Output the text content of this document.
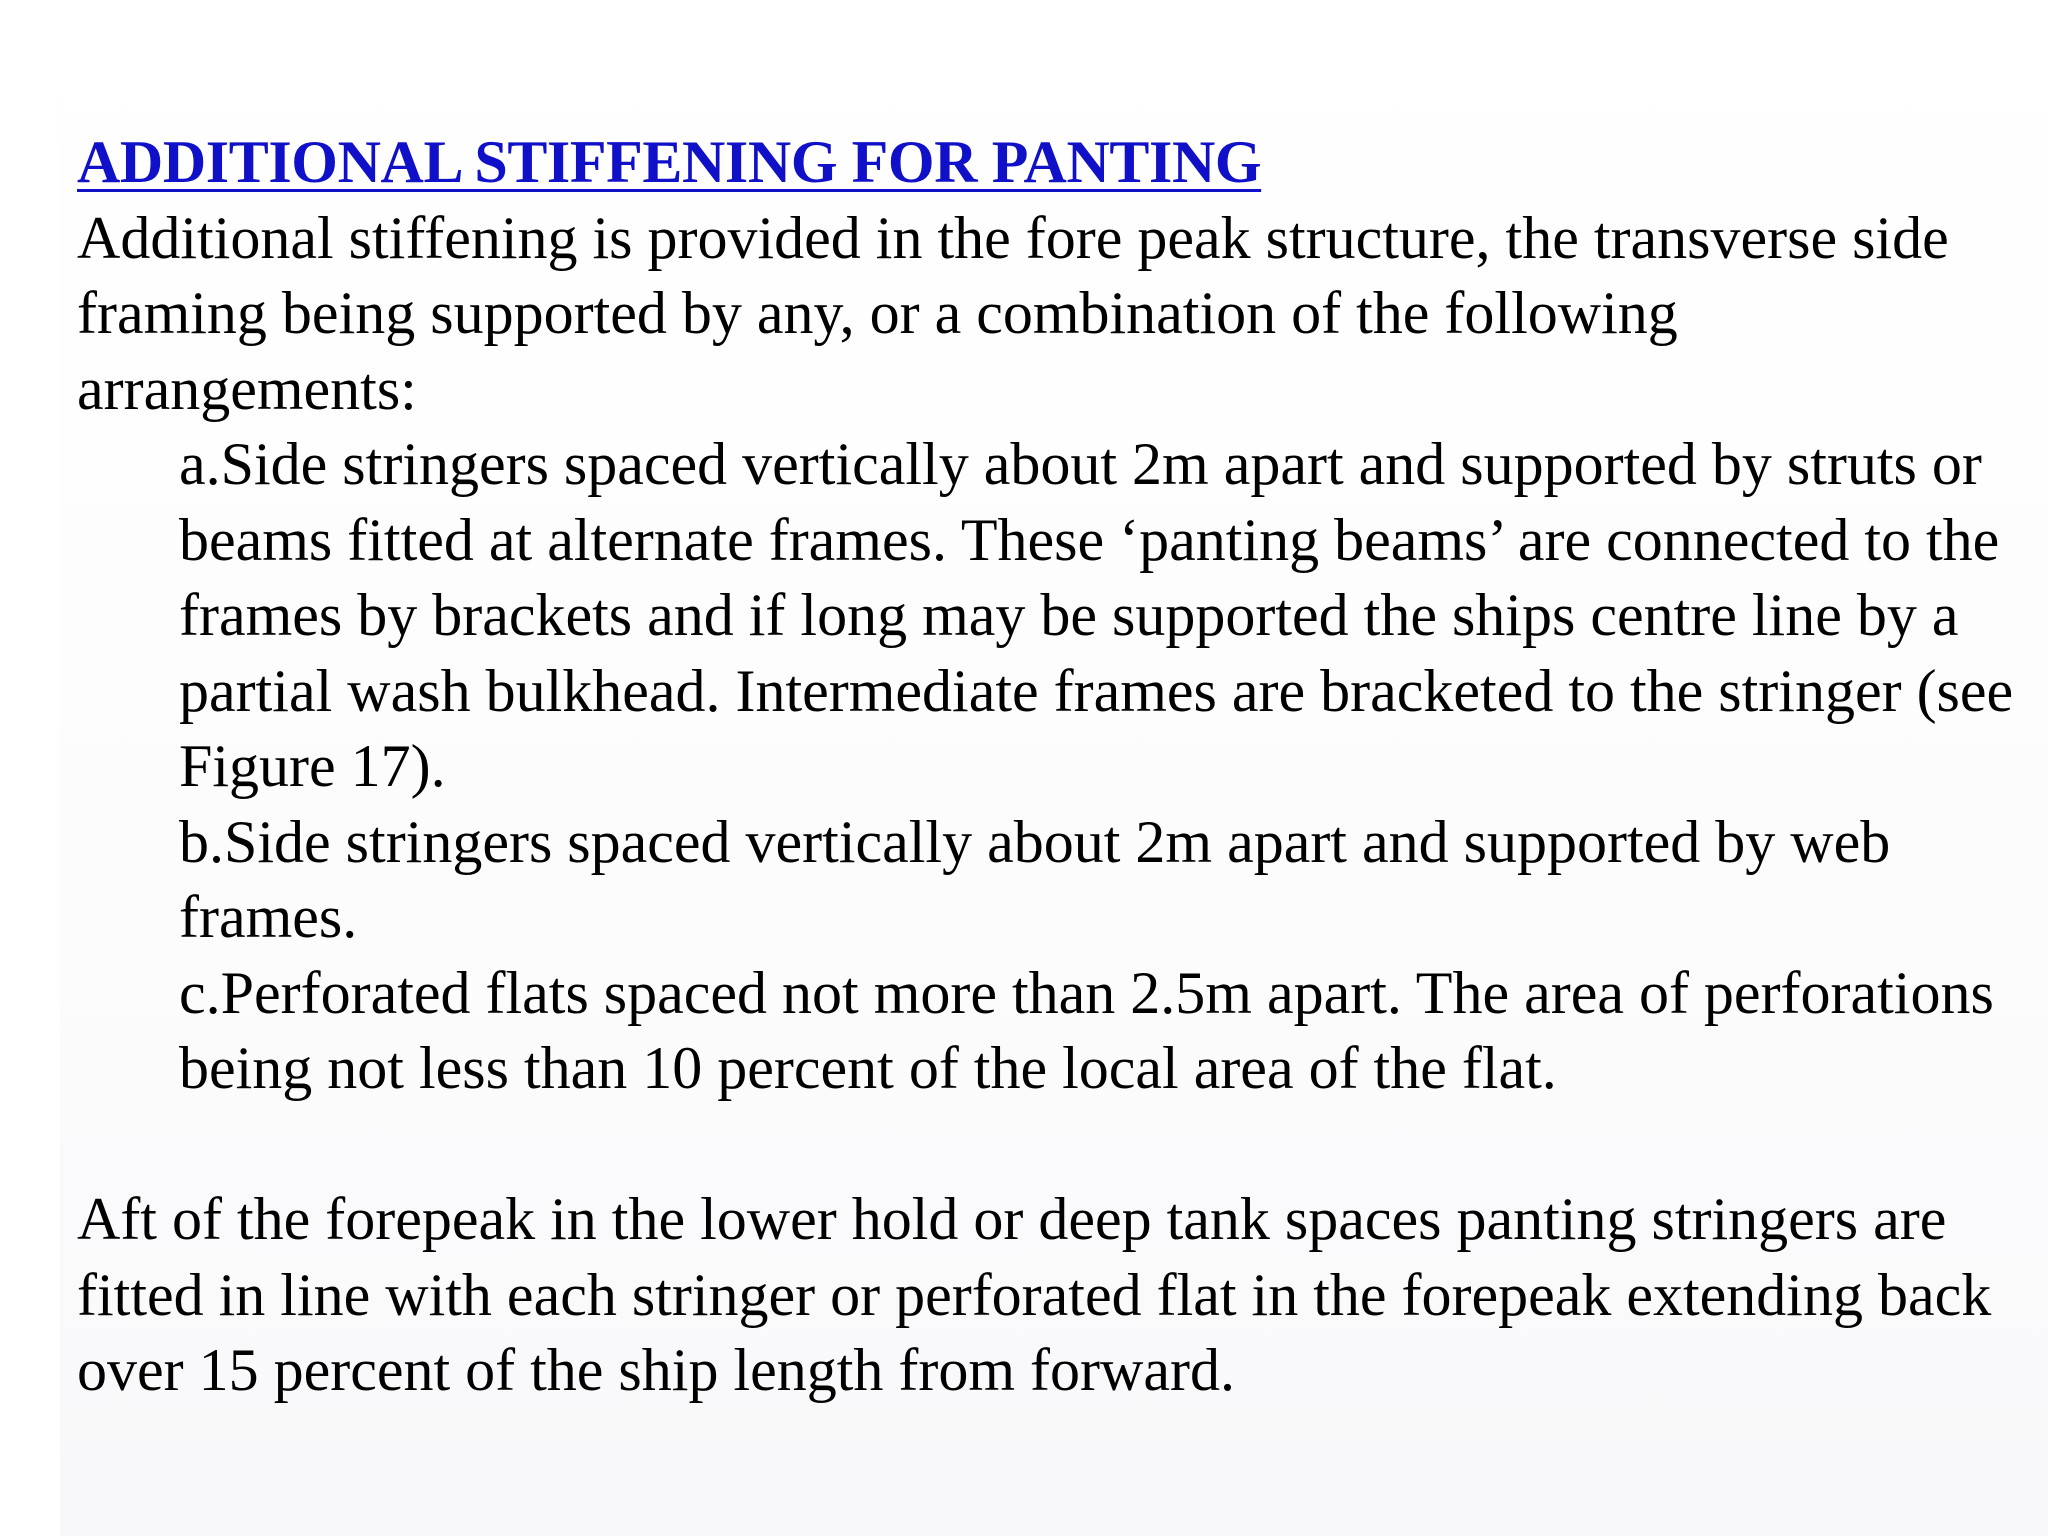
ADDITIONAL STIFFENING FOR PANTING

Additional stiffening is provided in the fore peak structure, the transverse side framing being supported by any, or a combination of the following arrangements:

a.Side stringers spaced vertically about 2m apart and supported by struts or beams fitted at alternate frames. These ‘panting beams’ are connected to the frames by brackets and if long may be supported the ships centre line by a partial wash bulkhead. Intermediate frames are bracketed to the stringer (see Figure 17).
b.Side stringers spaced vertically about 2m apart and supported by web frames.
c.Perforated flats spaced not more than 2.5m apart. The area of perforations being not less than 10 percent of the local area of the flat.

Aft of the forepeak in the lower hold or deep tank spaces panting stringers are fitted in line with each stringer or perforated flat in the forepeak extending back over 15 percent of the ship length from forward.
